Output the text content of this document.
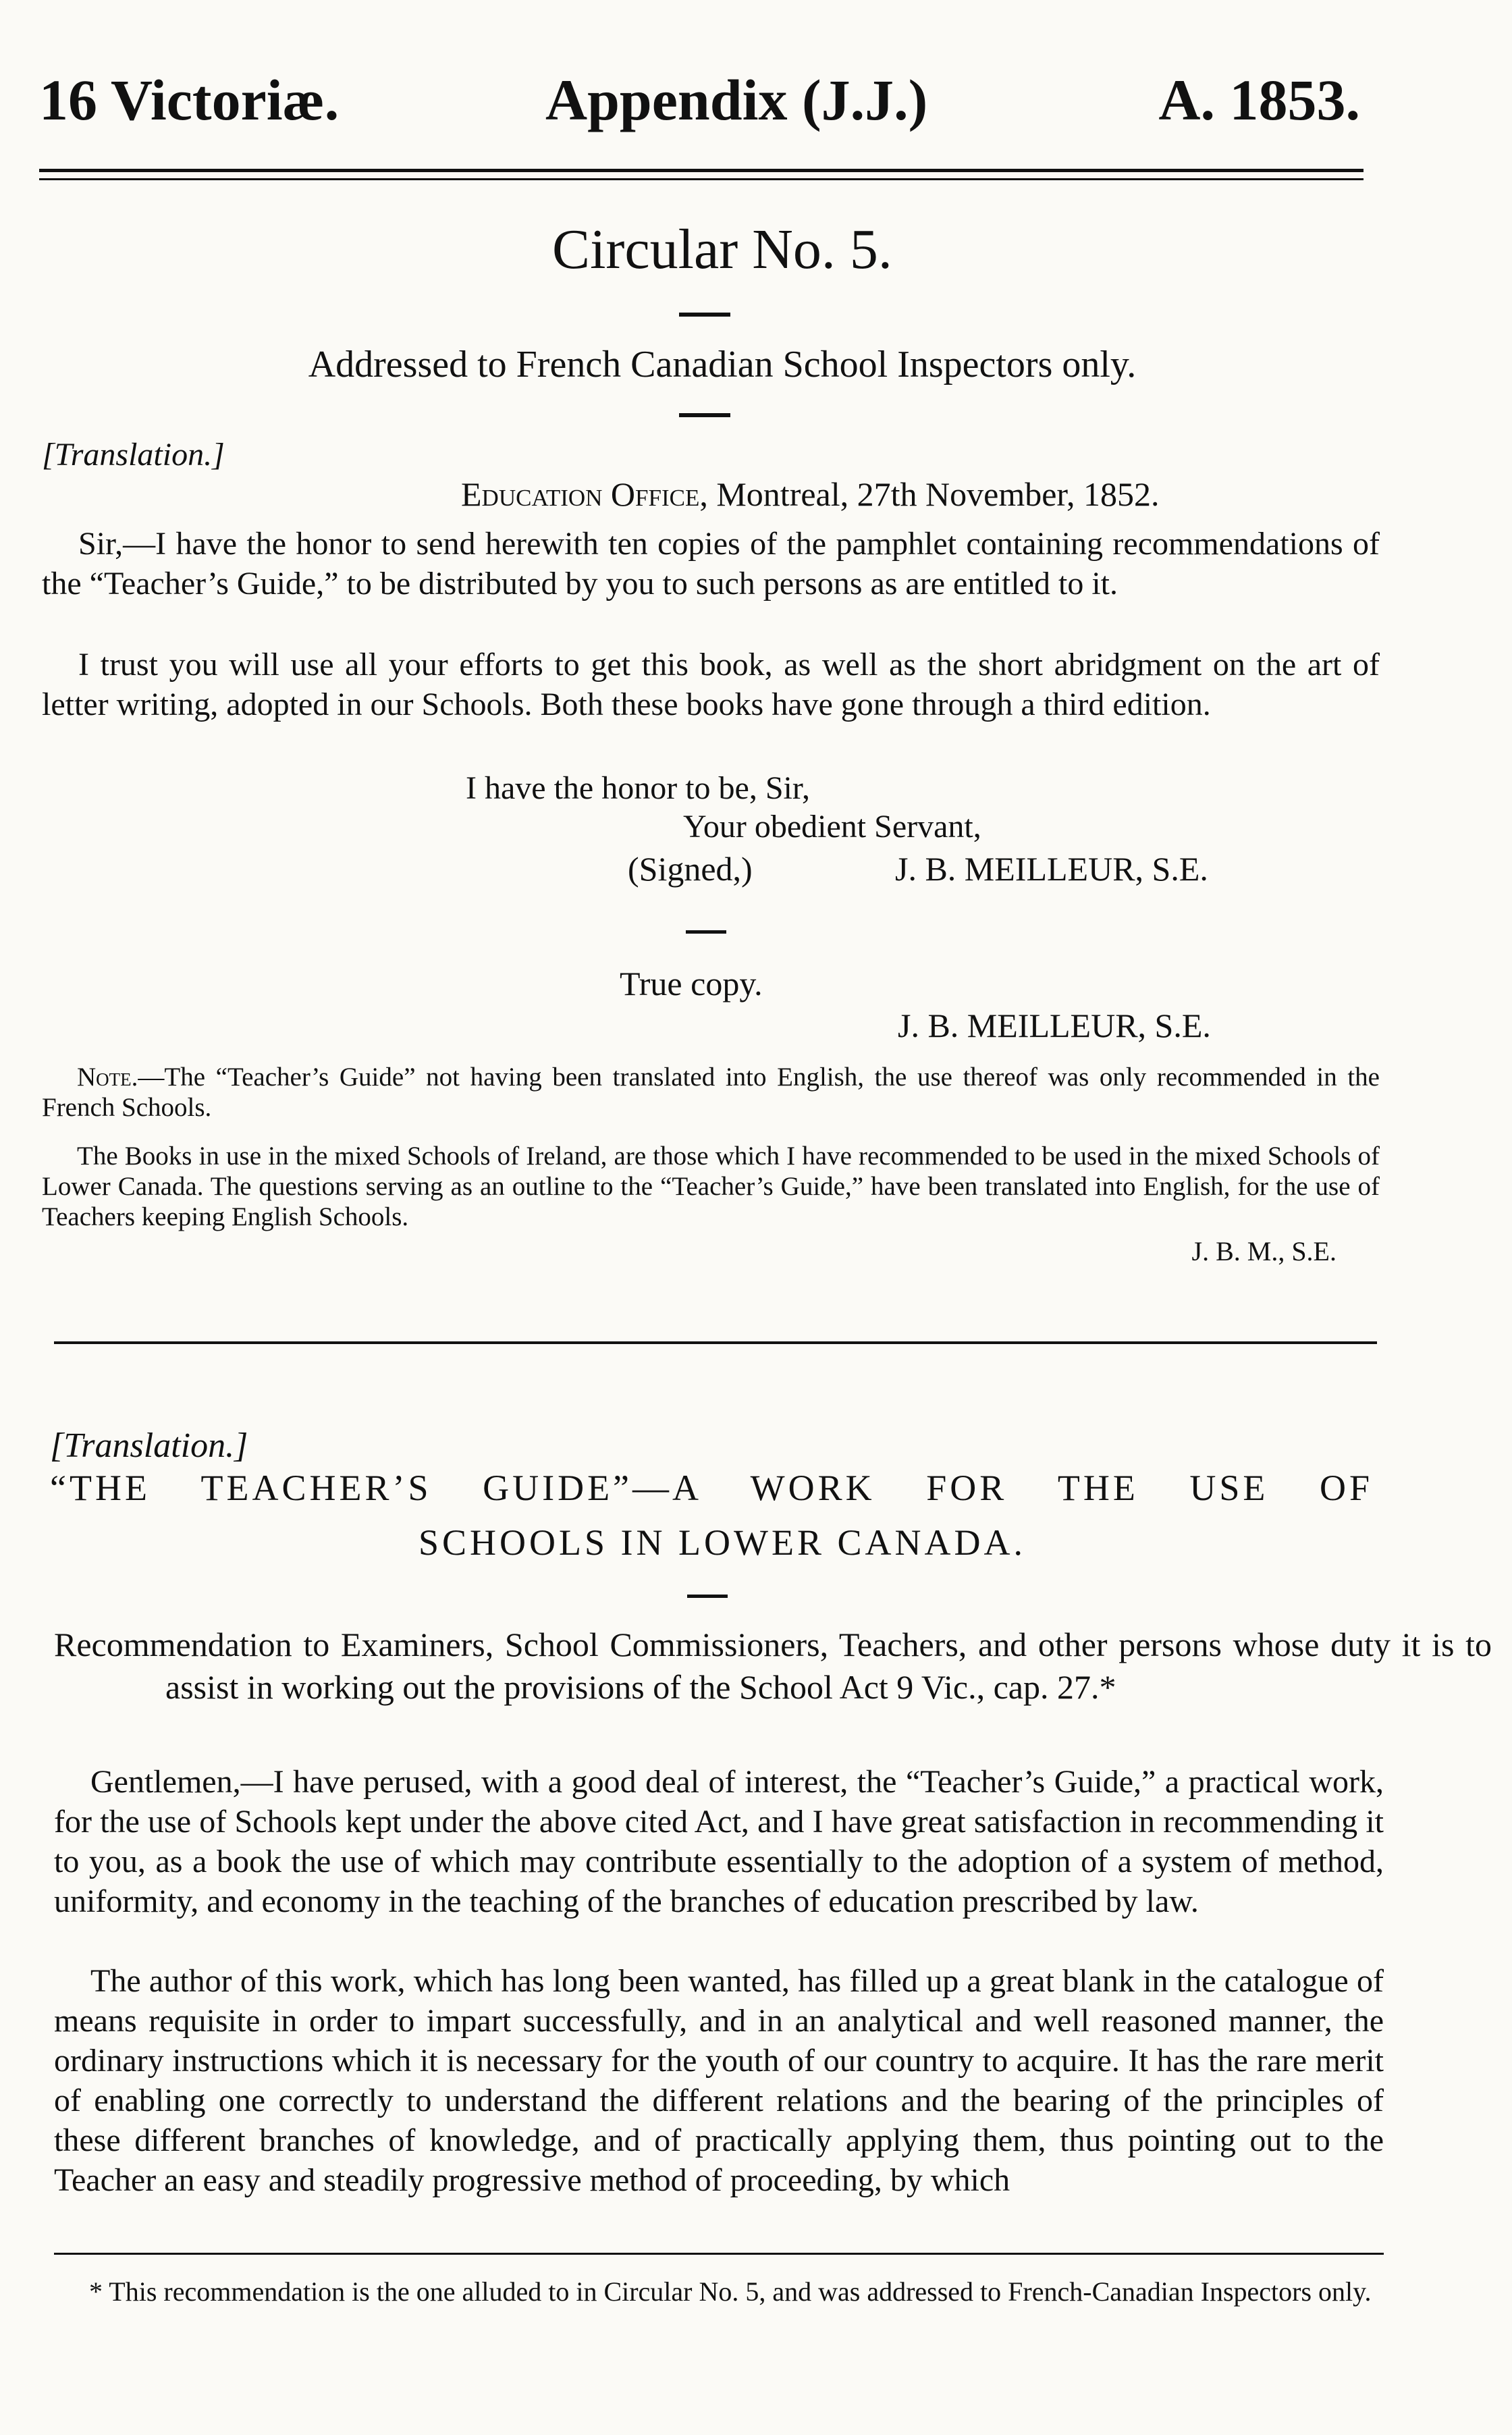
16 Victoriæ.	Appendix (J.J.)	A. 1853.
Circular No. 5.
Addressed to French Canadian School Inspectors only.
[Translation.]
Education Office, Montreal, 27th November, 1852.
Sir,—I have the honor to send herewith ten copies of the pamphlet containing recommendations of the “Teacher’s Guide,” to be distributed by you to such persons as are entitled to it.
I trust you will use all your efforts to get this book, as well as the short abridgment on the art of letter writing, adopted in our Schools. Both these books have gone through a third edition.
I have the honor to be, Sir,
Your obedient Servant,
(Signed,)	J. B. MEILLEUR, S.E.
True copy.
J. B. MEILLEUR, S.E.
Note.—The “Teacher’s Guide” not having been translated into English, the use thereof was only recommended in the French Schools.
The Books in use in the mixed Schools of Ireland, are those which I have recommended to be used in the mixed Schools of Lower Canada. The questions serving as an outline to the “Teacher’s Guide,” have been translated into English, for the use of Teachers keeping English Schools.
J. B. M., S.E.
[Translation.]
“THE TEACHER’S GUIDE”—A WORK FOR THE USE OF
SCHOOLS IN LOWER CANADA.
Recommendation to Examiners, School Commissioners, Teachers, and other persons whose duty it is to assist in working out the provisions of the School Act 9 Vic., cap. 27.*
Gentlemen,—I have perused, with a good deal of interest, the “Teacher’s Guide,” a practical work, for the use of Schools kept under the above cited Act, and I have great satisfaction in recommending it to you, as a book the use of which may contribute essentially to the adoption of a system of method, uniformity, and economy in the teaching of the branches of education prescribed by law.
The author of this work, which has long been wanted, has filled up a great blank in the catalogue of means requisite in order to impart successfully, and in an analytical and well reasoned manner, the ordinary instructions which it is necessary for the youth of our country to acquire. It has the rare merit of enabling one correctly to understand the different relations and the bearing of the principles of these different branches of knowledge, and of practically applying them, thus pointing out to the Teacher an easy and steadily progressive method of proceeding, by which
* This recommendation is the one alluded to in Circular No. 5, and was addressed to French-Canadian Inspectors only.
